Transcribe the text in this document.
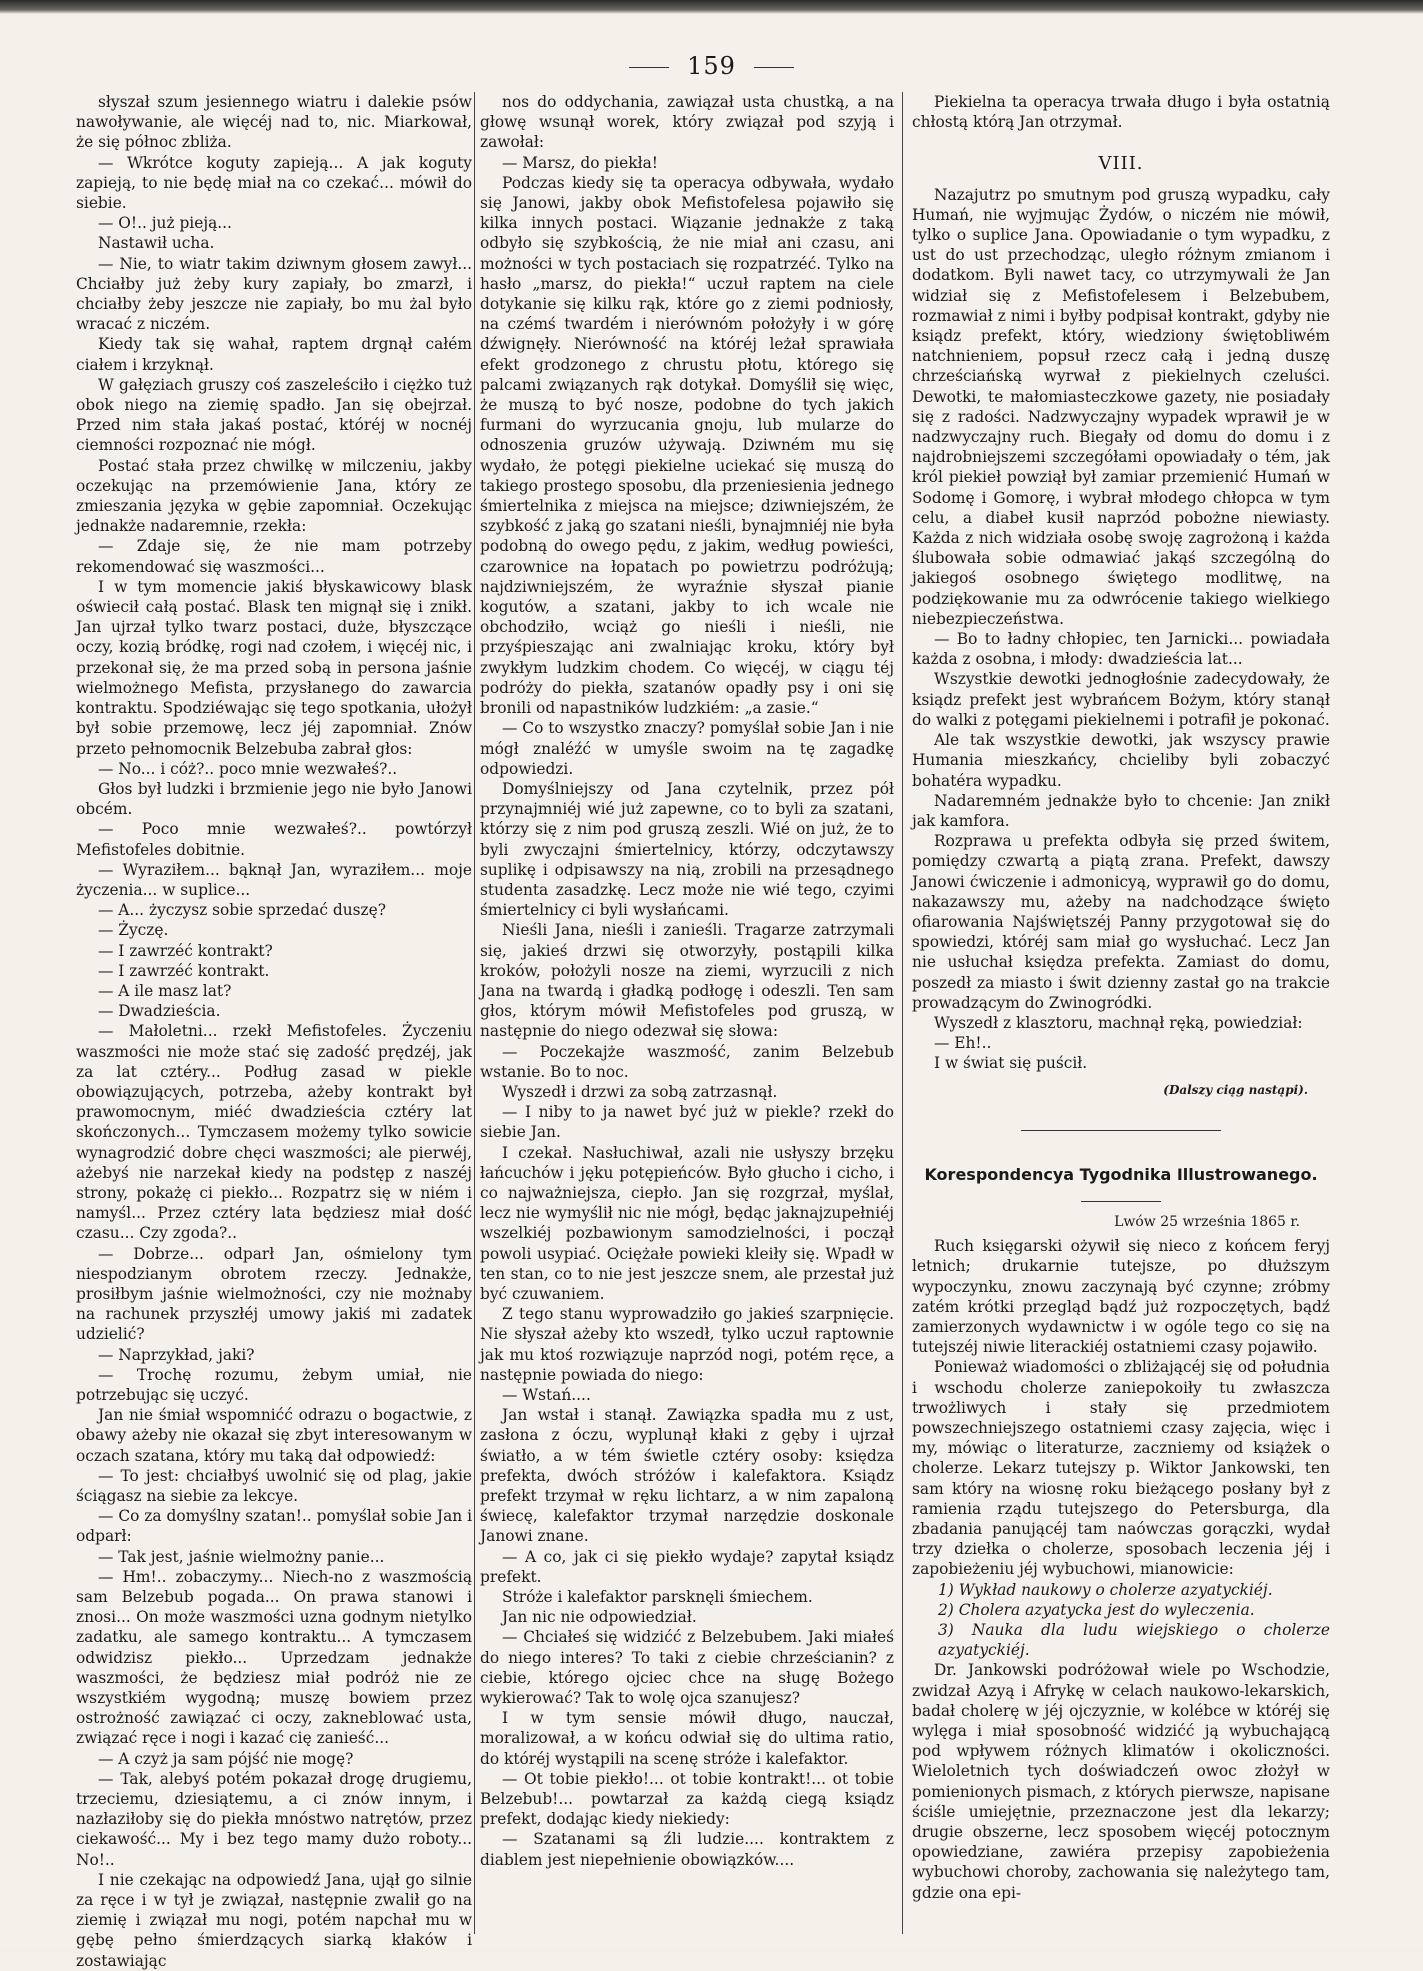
159

słyszał szum jesiennego wiatru i dalekie psów nawoływanie, ale więcéj nad to, nic. Miarkował, że się północ zbliża.

— Wkrótce koguty zapieją... A jak koguty zapieją, to nie będę miał na co czekać... mówił do siebie.

— O!.. już pieją...

Nastawił ucha.

— Nie, to wiatr takim dziwnym głosem zawył... Chciałby już żeby kury zapiały, bo zmarzł, i chciałby żeby jeszcze nie zapiały, bo mu żal było wracać z niczém.

Kiedy tak się wahał, raptem drgnął całém ciałem i krzyknął.

W gałęziach gruszy coś zaszeleściło i ciężko tuż obok niego na ziemię spadło. Jan się obejrzał. Przed nim stała jakaś postać, któréj w nocnéj ciemności rozpoznać nie mógł.

Postać stała przez chwilkę w milczeniu, jakby oczekując na przemówienie Jana, który ze zmieszania języka w gębie zapomniał. Oczekując jednakże nadaremnie, rzekła:

— Zdaje się, że nie mam potrzeby rekomendować się waszmości...

I w tym momencie jakiś błyskawicowy blask oświecił całą postać. Blask ten mignął się i znikł. Jan ujrzał tylko twarz postaci, duże, błyszczące oczy, kozią bródkę, rogi nad czołem, i więcéj nic, i przekonał się, że ma przed sobą in persona jaśnie wielmożnego Mefista, przysłanego do zawarcia kontraktu. Spodziéwając się tego spotkania, ułożył był sobie przemowę, lecz jéj zapomniał. Znów przeto pełnomocnik Belzebuba zabrał głos:

— No... i cóż?.. poco mnie wezwałeś?..

Głos był ludzki i brzmienie jego nie było Janowi obcém.

— Poco mnie wezwałeś?.. powtórzył Mefistofeles dobitnie.

— Wyraziłem... bąknął Jan, wyraziłem... moje życzenia... w suplice...

— A... życzysz sobie sprzedać duszę?

— Życzę.

— I zawrzéć kontrakt?

— I zawrzéć kontrakt.

— A ile masz lat?

— Dwadzieścia.

— Małoletni... rzekł Mefistofeles. Życzeniu waszmości nie może stać się zadość prędzéj, jak za lat cztéry... Podług zasad w piekle obowiązujących, potrzeba, ażeby kontrakt był prawomocnym, miéć dwadzieścia cztéry lat skończonych... Tymczasem możemy tylko sowicie wynagrodzić dobre chęci waszmości; ale pierwéj, ażebyś nie narzekał kiedy na podstęp z naszéj strony, pokażę ci piekło... Rozpatrz się w niém i namyśl... Przez cztéry lata będziesz miał dość czasu... Czy zgoda?..

— Dobrze... odparł Jan, ośmielony tym niespodzianym obrotem rzeczy. Jednakże, prosiłbym jaśnie wielmożności, czy nie możnaby na rachunek przyszłéj umowy jakiś mi zadatek udzielić?

— Naprzykład, jaki?

— Trochę rozumu, żebym umiał, nie potrzebując się uczyć.

Jan nie śmiał wspomnićć odrazu o bogactwie, z obawy ażeby nie okazał się zbyt interesowanym w oczach szatana, który mu taką dał odpowiedź:

— To jest: chciałbyś uwolnić się od plag, jakie ściągasz na siebie za lekcye.

— Co za domyślny szatan!.. pomyślał sobie Jan i odparł:

— Tak jest, jaśnie wielmożny panie...

— Hm!.. zobaczymy... Niech-no z waszmością sam Belzebub pogada... On prawa stanowi i znosi... On może waszmości uzna godnym nietylko zadatku, ale samego kontraktu... A tymczasem odwidzisz piekło... Uprzedzam jednakże waszmości, że będziesz miał podróż nie ze wszystkiém wygodną; muszę bowiem przez ostrożność zawiązać ci oczy, zakneblować usta, związać ręce i nogi i kazać cię zanieść...

— A czyż ja sam pójść nie mogę?

— Tak, alebyś potém pokazał drogę drugiemu, trzeciemu, dziesiątemu, a ci znów innym, i nazłaziłoby się do piekła mnóstwo natrętów, przez ciekawość... My i bez tego mamy dużo roboty... No!..

I nie czekając na odpowiedź Jana, ujął go silnie za ręce i w tył je związał, następnie zwalił go na ziemię i związał mu nogi, potém napchał mu w gębę pełno śmierdzących siarką kłaków i zostawiając

nos do oddychania, zawiązał usta chustką, a na głowę wsunął worek, który związał pod szyją i zawołał:

— Marsz, do piekła!

Podczas kiedy się ta operacya odbywała, wydało się Janowi, jakby obok Mefistofelesa pojawiło się kilka innych postaci. Wiązanie jednakże z taką odbyło się szybkością, że nie miał ani czasu, ani możności w tych postaciach się rozpatrzéć. Tylko na hasło „marsz, do piekła!“ uczuł raptem na ciele dotykanie się kilku rąk, które go z ziemi podniosły, na czémś twardém i nierównóm położyły i w górę dźwignęły. Nierówność na któréj leżał sprawiała efekt grodzonego z chrustu płotu, którego się palcami związanych rąk dotykał. Domyślił się więc, że muszą to być nosze, podobne do tych jakich furmani do wyrzucania gnoju, lub mularze do odnoszenia gruzów używają. Dziwném mu się wydało, że potęgi piekielne uciekać się muszą do takiego prostego sposobu, dla przeniesienia jednego śmiertelnika z miejsca na miejsce; dziwniejszém, że szybkość z jaką go szatani nieśli, bynajmniéj nie była podobną do owego pędu, z jakim, według powieści, czarownice na łopatach po powietrzu podróżują; najdziwniejszém, że wyraźnie słyszał pianie kogutów, a szatani, jakby to ich wcale nie obchodziło, wciąż go nieśli i nieśli, nie przyśpieszając ani zwalniając kroku, który był zwykłym ludzkim chodem. Co więcéj, w ciągu téj podróży do piekła, szatanów opadły psy i oni się bronili od napastników ludzkiém: „a zasie.“

— Co to wszystko znaczy? pomyślał sobie Jan i nie mógł znaléźć w umyśle swoim na tę zagadkę odpowiedzi.

Domyślniejszy od Jana czytelnik, przez pół przynajmniéj wié już zapewne, co to byli za szatani, którzy się z nim pod gruszą zeszli. Wié on już, że to byli zwyczajni śmiertelnicy, którzy, odczytawszy suplikę i odpisawszy na nią, zrobili na przesądnego studenta zasadzkę. Lecz może nie wié tego, czyimi śmiertelnicy ci byli wysłańcami.

Nieśli Jana, nieśli i zanieśli. Tragarze zatrzymali się, jakieś drzwi się otworzyły, postąpili kilka kroków, położyli nosze na ziemi, wyrzucili z nich Jana na twardą i gładką podłogę i odeszli. Ten sam głos, którym mówił Mefistofeles pod gruszą, w następnie do niego odezwał się słowa:

— Poczekajże waszmość, zanim Belzebub wstanie. Bo to noc.

Wyszedł i drzwi za sobą zatrzasnął.

— I niby to ja nawet być już w piekle? rzekł do siebie Jan.

I czekał. Nasłuchiwał, azali nie usłyszy brzęku łańcuchów i jęku potępieńców. Było głucho i cicho, i co najważniejsza, ciepło. Jan się rozgrzał, myślał, lecz nie wymyślił nic nie mógł, będąc jaknajzupełniéj wszelkiéj pozbawionym samodzielności, i począł powoli usypiać. Ociężałe powieki kleiły się. Wpadł w ten stan, co to nie jest jeszcze snem, ale przestał już być czuwaniem.

Z tego stanu wyprowadziło go jakieś szarpnięcie. Nie słyszał ażeby kto wszedł, tylko uczuł raptownie jak mu ktoś rozwiązuje naprzód nogi, potém ręce, a następnie powiada do niego:

— Wstań....

Jan wstał i stanął. Zawiązka spadła mu z ust, zasłona z óczu, wyplunął kłaki z gęby i ujrzał światło, a w tém świetle cztéry osoby: księdza prefekta, dwóch stróżów i kalefaktora. Ksiądz prefekt trzymał w ręku lichtarz, a w nim zapaloną świecę, kalefaktor trzymał narzędzie doskonale Janowi znane.

— A co, jak ci się piekło wydaje? zapytał ksiądz prefekt.

Stróże i kalefaktor parsknęli śmiechem.

Jan nic nie odpowiedział.

— Chciałeś się widzićć z Belzebubem. Jaki miałeś do niego interes? To taki z ciebie chrześcianin? z ciebie, którego ojciec chce na sługę Bożego wykierować? Tak to wolę ojca szanujesz?

I w tym sensie mówił długo, nauczał, moralizował, a w końcu odwiał się do ultima ratio, do któréj wystąpili na scenę stróże i kalefaktor.

— Ot tobie piekło!... ot tobie kontrakt!... ot tobie Belzebub!... powtarzał za każdą ciegą ksiądz prefekt, dodając kiedy niekiedy:

— Szatanami są źli ludzie.... kontraktem z diablem jest niepełnienie obowiązków....

Piekielna ta operacya trwała długo i była ostatnią chłostą którą Jan otrzymał.

VIII.

Nazajutrz po smutnym pod gruszą wypadku, cały Humań, nie wyjmując Żydów, o niczém nie mówił, tylko o suplice Jana. Opowiadanie o tym wypadku, z ust do ust przechodząc, uległo różnym zmianom i dodatkom. Byli nawet tacy, co utrzymywali że Jan widział się z Mefistofelesem i Belzebubem, rozmawiał z nimi i byłby podpisał kontrakt, gdyby nie ksiądz prefekt, który, wiedziony świętobliwém natchnieniem, popsuł rzecz całą i jedną duszę chrześciańską wyrwał z piekielnych czeluści. Dewotki, te małomiasteczkowe gazety, nie posiadały się z radości. Nadzwyczajny wypadek wprawił je w nadzwyczajny ruch. Biegały od domu do domu i z najdrobniejszemi szczegółami opowiadały o tém, jak król piekieł powziął był zamiar przemienić Humań w Sodomę i Gomorę, i wybrał młodego chłopca w tym celu, a diabeł kusił naprzód pobożne niewiasty. Każda z nich widziała osobę swoję zagrożoną i każda ślubowała sobie odmawiać jakąś szczególną do jakiegoś osobnego świętego modlitwę, na podziękowanie mu za odwrócenie takiego wielkiego niebezpieczeństwa.

— Bo to ładny chłopiec, ten Jarnicki... powiadała każda z osobna, i młody: dwadzieścia lat...

Wszystkie dewotki jednogłośnie zadecydowały, że ksiądz prefekt jest wybrańcem Bożym, który stanął do walki z potęgami piekielnemi i potrafił je pokonać.

Ale tak wszystkie dewotki, jak wszyscy prawie Humania mieszkańcy, chcieliby byli zobaczyć bohatéra wypadku.

Nadaremném jednakże było to chcenie: Jan znikł jak kamfora.

Rozprawa u prefekta odbyła się przed świtem, pomiędzy czwartą a piątą zrana. Prefekt, dawszy Janowi ćwiczenie i admonicyą, wyprawił go do domu, nakazawszy mu, ażeby na nadchodzące święto ofiarowania Najświętszéj Panny przygotował się do spowiedzi, któréj sam miał go wysłuchać. Lecz Jan nie usłuchał księdza prefekta. Zamiast do domu, poszedł za miasto i świt dzienny zastał go na trakcie prowadzącym do Zwinogródki.

Wyszedł z klasztoru, machnął ręką, powiedział:

— Eh!..

I w świat się puścił.

(Dalszy ciąg nastąpi).
Korespondencya Tygodnika Illustrowanego.
Lwów 25 września 1865 r.

Ruch księgarski ożywił się nieco z końcem feryj letnich; drukarnie tutejsze, po dłuższym wypoczynku, znowu zaczynają być czynne; zróbmy zatém krótki przegląd bądź już rozpoczętych, bądź zamierzonych wydawnictw i w ogóle tego co się na tutejszéj niwie literackiéj ostatniemi czasy pojawiło.

Ponieważ wiadomości o zbliżającéj się od południa i wschodu cholerze zaniepokoiły tu zwłaszcza trwożliwych i stały się przedmiotem powszechniejszego ostatniemi czasy zajęcia, więc i my, mówiąc o literaturze, zaczniemy od książek o cholerze. Lekarz tutejszy p. Wiktor Jankowski, ten sam który na wiosnę roku bieżącego posłany był z ramienia rządu tutejszego do Petersburga, dla zbadania panującéj tam naówczas gorączki, wydał trzy dziełka o cholerze, sposobach leczenia jéj i zapobieżeniu jéj wybuchowi, mianowicie:

1) Wykład naukowy o cholerze azyatyckiéj.

2) Cholera azyatycka jest do wyleczenia.

3) Nauka dla ludu wiejskiego o cholerze azyatyckiéj.

Dr. Jankowski podróżował wiele po Wschodzie, zwidzał Azyą i Afrykę w celach naukowo-lekarskich, badał cholerę w jéj ojczyznie, w kolébce w któréj się wylęga i miał sposobność widzićć ją wybuchającą pod wpływem różnych klimatów i okoliczności. Wieloletnich tych doświadczeń owoc złożył w pomienionych pismach, z których pierwsze, napisane ściśle umiejętnie, przeznaczone jest dla lekarzy; drugie obszerne, lecz sposobem więcéj potocznym opowiedziane, zawiéra przepisy zapobieżenia wybuchowi choroby, zachowania się należytego tam, gdzie ona epi-
